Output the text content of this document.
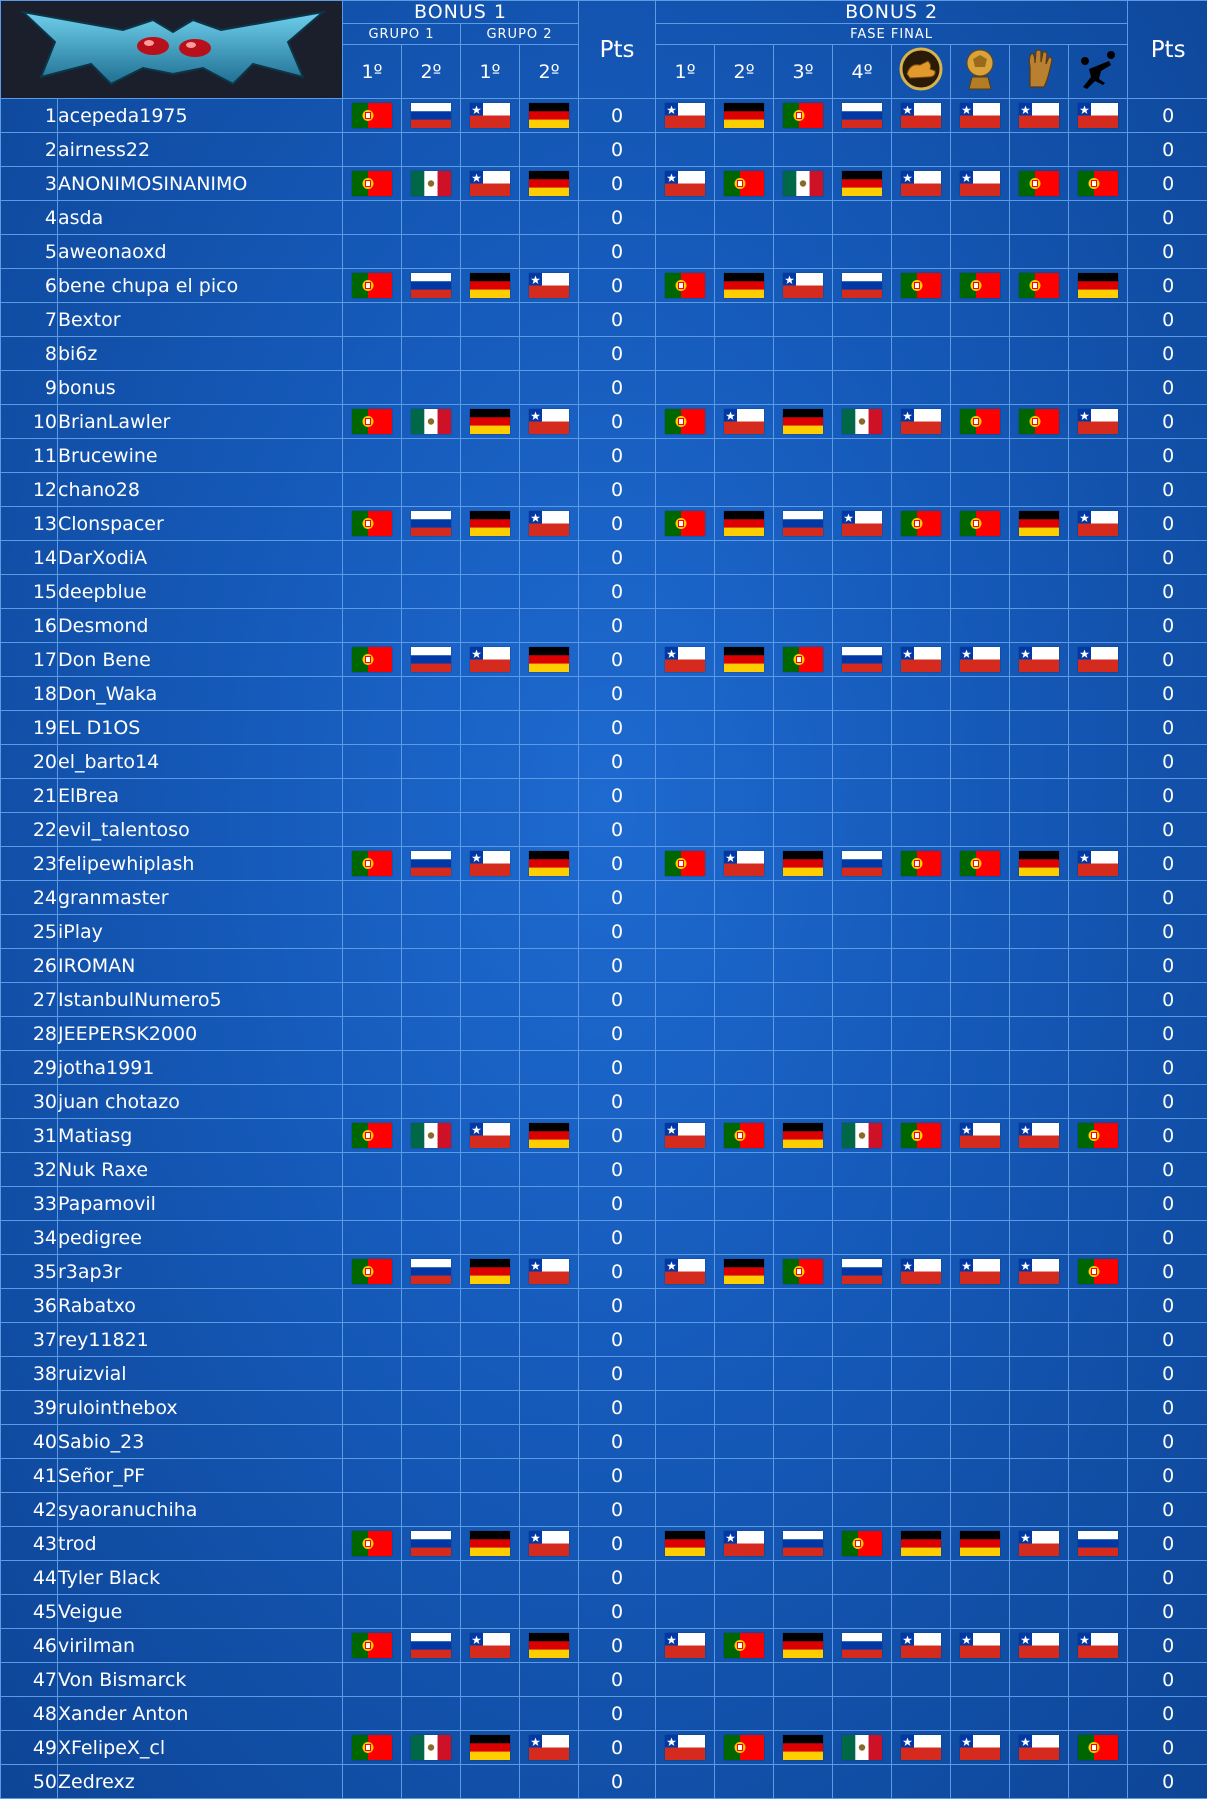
	BONUS 1				Pts	BONUS 2								Pts
		GRUPO 1		GRUPO 2			FASE FINAL								
		1º	2º	1º	2º		1º	2º	3º	4º				
1	acepeda1975					0									0
2	airness22					0									0
3	ANONIMOSINANIMO					0									0
4	asda					0									0
5	aweonaoxd					0									0
6	bene chupa el pico					0									0
7	Bextor					0									0
8	bi6z					0									0
9	bonus					0									0
10	BrianLawler					0									0
11	Brucewine					0									0
12	chano28					0									0
13	Clonspacer					0									0
14	DarXodiA					0									0
15	deepblue					0									0
16	Desmond					0									0
17	Don Bene					0									0
18	Don_Waka					0									0
19	EL D1OS					0									0
20	el_barto14					0									0
21	ElBrea					0									0
22	evil_talentoso					0									0
23	felipewhiplash					0									0
24	granmaster					0									0
25	iPlay					0									0
26	IROMAN					0									0
27	IstanbulNumero5					0									0
28	JEEPERSK2000					0									0
29	jotha1991					0									0
30	juan chotazo					0									0
31	Matiasg					0									0
32	Nuk Raxe					0									0
33	Papamovil					0									0
34	pedigree					0									0
35	r3ap3r					0									0
36	Rabatxo					0									0
37	rey11821					0									0
38	ruizvial					0									0
39	rulointhebox					0									0
40	Sabio_23					0									0
41	Señor_PF					0									0
42	syaoranuchiha					0									0
43	trod					0									0
44	Tyler Black					0									0
45	Veigue					0									0
46	virilman					0									0
47	Von Bismarck					0									0
48	Xander Anton					0									0
49	XFelipeX_cl					0									0
50	Zedrexz					0									0
